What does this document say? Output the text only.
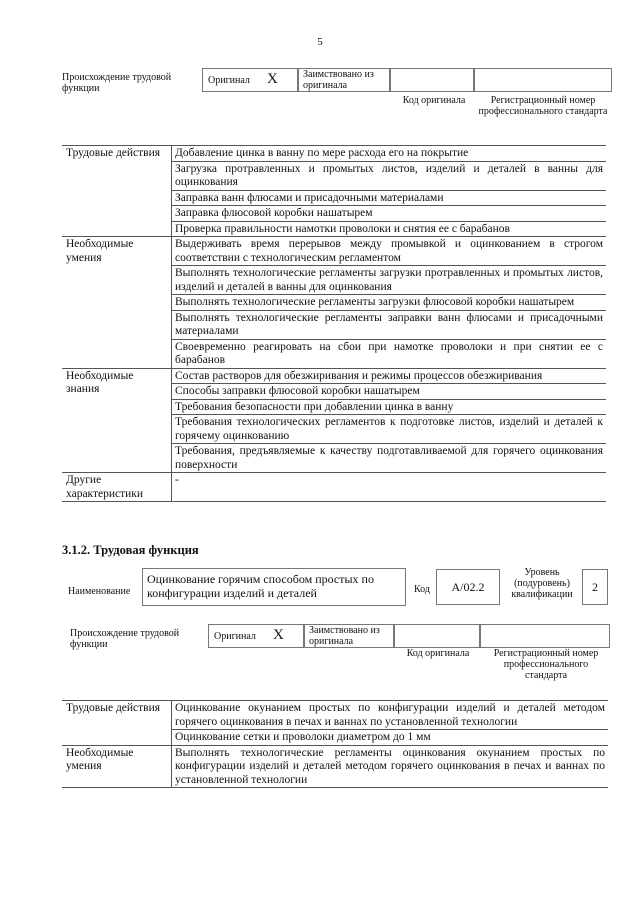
5
Происхождение трудовой функции
Оригинал X	Заимствовано из оригинала
Код оригинала	Регистрационный номер профессионального стандарта
Трудовые действия	Добавление цинка в ванну по мере расхода его на покрытие
	Загрузка протравленных и промытых листов, изделий и деталей в ванны для оцинкования
	Заправка ванн флюсами и присадочными материалами
	Заправка флюсовой коробки нашатырем
	Проверка правильности намотки проволоки и снятия ее с барабанов
Необходимые умения	Выдерживать время перерывов между промывкой и оцинкованием в строгом соответствии с технологическим регламентом
	Выполнять технологические регламенты загрузки протравленных и промытых листов, изделий и деталей в ванны для оцинкования
	Выполнять технологические регламенты загрузки флюсовой коробки нашатырем
	Выполнять технологические регламенты заправки ванн флюсами и присадочными материалами
	Своевременно реагировать на сбои при намотке проволоки и при снятии ее с барабанов
Необходимые знания	Состав растворов для обезжиривания и режимы процессов обезжиривания
	Способы заправки флюсовой коробки нашатырем
	Требования безопасности при добавлении цинка в ванну
	Требования технологических регламентов к подготовке листов, изделий и деталей к горячему оцинкованию
	Требования, предъявляемые к качеству подготавливаемой для горячего оцинкования поверхности
Другие характеристики	-
3.1.2. Трудовая функция
Наименование
Оцинкование горячим способом простых по конфигурации изделий и деталей	Код	A/02.2
Уровень (подуровень) квалификации
2
Происхождение трудовой функции
Оригинал X	Заимствовано из оригинала
Код оригинала	Регистрационный номер профессионального стандарта
Трудовые действия	Оцинкование окунанием простых по конфигурации изделий и деталей методом горячего оцинкования в печах и ваннах по установленной технологии
	Оцинкование сетки и проволоки диаметром до 1 мм
Необходимые умения	Выполнять технологические регламенты оцинкования окунанием простых по конфигурации изделий и деталей методом горячего оцинкования в печах и ваннах по установленной технологии
